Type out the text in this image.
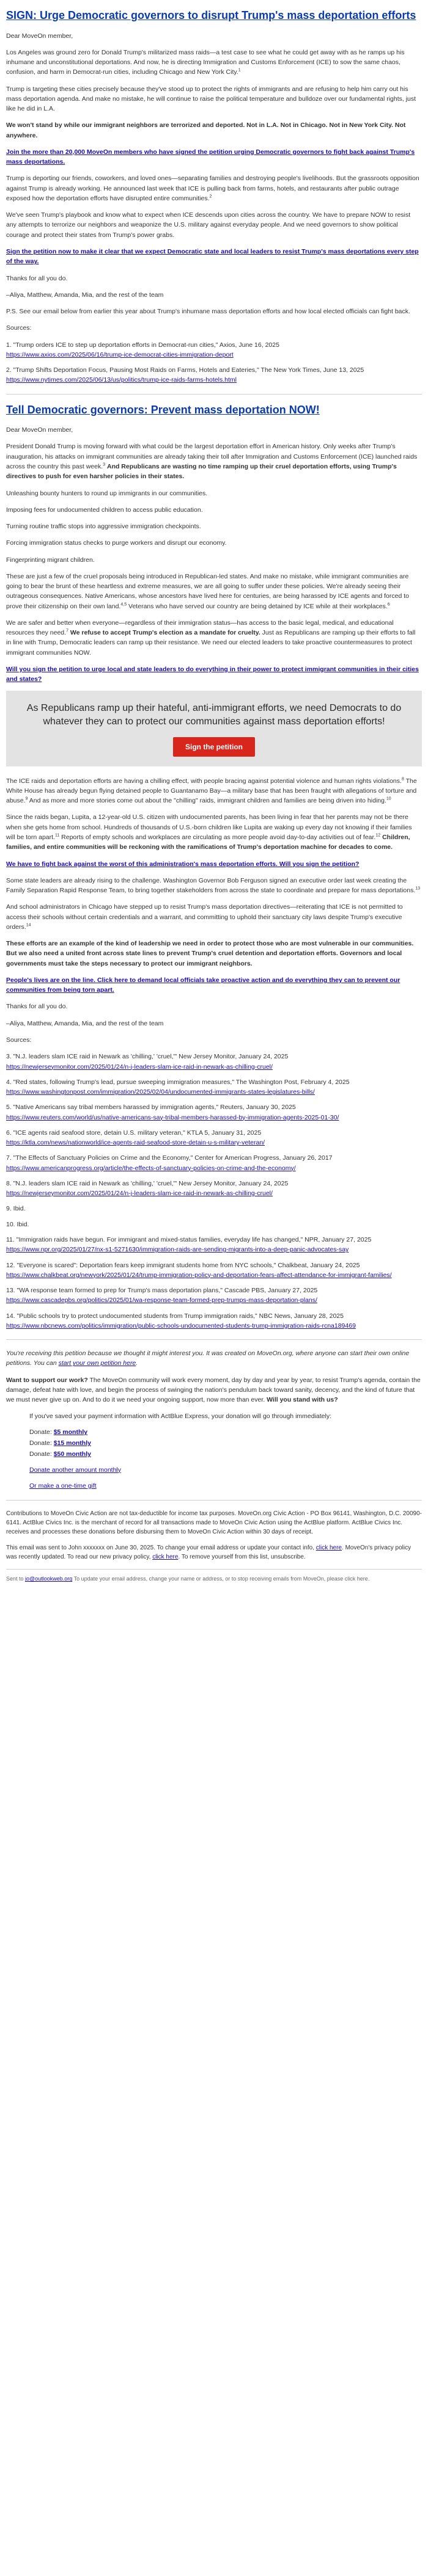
SIGN: Urge Democratic governors to disrupt Trump's mass deportation efforts

Dear MoveOn member,

Los Angeles was ground zero for Donald Trump's militarized mass raids—a test case to see what he could get away with as he ramps up his inhumane and unconstitutional deportations. And now, he is directing Immigration and Customs Enforcement (ICE) to sow the same chaos, confusion, and harm in Democrat-run cities, including Chicago and New York City.$^1$

Trump is targeting these cities precisely because they've stood up to protect the rights of immigrants and are refusing to help him carry out his mass deportation agenda. And make no mistake, he will continue to raise the political temperature and bulldoze over our fundamental rights, just like he did in L.A.

We won't stand by while our immigrant neighbors are terrorized and deported. Not in L.A. Not in Chicago. Not in New York City. Not anywhere.

Join the more than 20,000 MoveOn members who have signed the petition urging Democratic governors to fight back against Trump's mass deportations.

Trump is deporting our friends, coworkers, and loved ones—separating families and destroying people's livelihoods. But the grassroots opposition against Trump is already working. He announced last week that ICE is pulling back from farms, hotels, and restaurants after public outrage exposed how the deportation efforts have disrupted entire communities.$^2$

We've seen Trump's playbook and know what to expect when ICE descends upon cities across the country. We have to prepare NOW to resist any attempts to terrorize our neighbors and weaponize the U.S. military against everyday people. And we need governors to show political courage and protect their states from Trump's power grabs.

Sign the petition now to make it clear that we expect Democratic state and local leaders to resist Trump's mass deportations every step of the way.

Thanks for all you do.

–Aliya, Matthew, Amanda, Mia, and the rest of the team

P.S. See our email below from earlier this year about Trump's inhumane mass deportation efforts and how local elected officials can fight back.

Sources:

1. "Trump orders ICE to step up deportation efforts in Democrat-run cities," Axios, June 16, 2025
https://www.axios.com/2025/06/16/trump-ice-democrat-cities-immigration-deport
2. "Trump Shifts Deportation Focus, Pausing Most Raids on Farms, Hotels and Eateries," The New York Times, June 13, 2025
https://www.nytimes.com/2025/06/13/us/politics/trump-ice-raids-farms-hotels.html
Tell Democratic governors: Prevent mass deportation NOW!

Dear MoveOn member,

President Donald Trump is moving forward with what could be the largest deportation effort in American history. Only weeks after Trump's inauguration, his attacks on immigrant communities are already taking their toll after Immigration and Customs Enforcement (ICE) launched raids across the country this past week.$^3$ And Republicans are wasting no time ramping up their cruel deportation efforts, using Trump's directives to push for even harsher policies in their states.

Unleashing bounty hunters to round up immigrants in our communities.

Imposing fees for undocumented children to access public education.

Turning routine traffic stops into aggressive immigration checkpoints.

Forcing immigration status checks to purge workers and disrupt our economy.

Fingerprinting migrant children.

These are just a few of the cruel proposals being introduced in Republican-led states. And make no mistake, while immigrant communities are going to bear the brunt of these heartless and extreme measures, we are all going to suffer under these policies. We're already seeing their outrageous consequences. Native Americans, whose ancestors have lived here for centuries, are being harassed by ICE agents and forced to prove their citizenship on their own land.$^{4,5}$ Veterans who have served our country are being detained by ICE while at their workplaces.$^6$

We are safer and better when everyone—regardless of their immigration status—has access to the basic legal, medical, and educational resources they need.$^7$ We refuse to accept Trump's election as a mandate for cruelty. Just as Republicans are ramping up their efforts to fall in line with Trump, Democratic leaders can ramp up their resistance. We need our elected leaders to take proactive countermeasures to protect immigrant communities NOW.

Will you sign the petition to urge local and state leaders to do everything in their power to protect immigrant communities in their cities and states?

As Republicans ramp up their hateful, anti-immigrant efforts, we need Democrats to do whatever they can to protect our communities against mass deportation efforts!
Sign the petition

The ICE raids and deportation efforts are having a chilling effect, with people bracing against potential violence and human rights violations.$^8$ The White House has already begun flying detained people to Guantanamo Bay—a military base that has been fraught with allegations of torture and abuse.$^9$ And as more and more stories come out about the "chilling" raids, immigrant children and families are being driven into hiding.$^{10}$

Since the raids began, Lupita, a 12-year-old U.S. citizen with undocumented parents, has been living in fear that her parents may not be there when she gets home from school. Hundreds of thousands of U.S.-born children like Lupita are waking up every day not knowing if their families will be torn apart.$^{11}$ Reports of empty schools and workplaces are circulating as more people avoid day-to-day activities out of fear.$^{12}$ Children, families, and entire communities will be reckoning with the ramifications of Trump's deportation machine for decades to come.

We have to fight back against the worst of this administration's mass deportation efforts. Will you sign the petition?

Some state leaders are already rising to the challenge. Washington Governor Bob Ferguson signed an executive order last week creating the Family Separation Rapid Response Team, to bring together stakeholders from across the state to coordinate and prepare for mass deportations.$^{13}$

And school administrators in Chicago have stepped up to resist Trump's mass deportation directives—reiterating that ICE is not permitted to access their schools without certain credentials and a warrant, and committing to uphold their sanctuary city laws despite Trump's executive orders.$^{14}$

These efforts are an example of the kind of leadership we need in order to protect those who are most vulnerable in our communities. But we also need a united front across state lines to prevent Trump's cruel detention and deportation efforts. Governors and local governments must take the steps necessary to protect our immigrant neighbors.

People's lives are on the line. Click here to demand local officials take proactive action and do everything they can to prevent our communities from being torn apart.

Thanks for all you do.

–Aliya, Matthew, Amanda, Mia, and the rest of the team

Sources:

3. "N.J. leaders slam ICE raid in Newark as 'chilling,' 'cruel,'" New Jersey Monitor, January 24, 2025
https://newjerseymonitor.com/2025/01/24/n-j-leaders-slam-ice-raid-in-newark-as-chilling-cruel/
4. "Red states, following Trump's lead, pursue sweeping immigration measures," The Washington Post, February 4, 2025
https://www.washingtonpost.com/immigration/2025/02/04/undocumented-immigrants-states-legislatures-bills/
5. "Native Americans say tribal members harassed by immigration agents," Reuters, January 30, 2025
https://www.reuters.com/world/us/native-americans-say-tribal-members-harassed-by-immigration-agents-2025-01-30/
6. "ICE agents raid seafood store, detain U.S. military veteran," KTLA 5, January 31, 2025
https://ktla.com/news/nationworld/ice-agents-raid-seafood-store-detain-u-s-military-veteran/
7. "The Effects of Sanctuary Policies on Crime and the Economy," Center for American Progress, January 26, 2017
https://www.americanprogress.org/article/the-effects-of-sanctuary-policies-on-crime-and-the-economy/
8. "N.J. leaders slam ICE raid in Newark as 'chilling,' 'cruel,'" New Jersey Monitor, January 24, 2025
https://newjerseymonitor.com/2025/01/24/n-j-leaders-slam-ice-raid-in-newark-as-chilling-cruel/
9. Ibid.
10. Ibid.
11. "Immigration raids have begun. For immigrant and mixed-status families, everyday life has changed," NPR, January 27, 2025
https://www.npr.org/2025/01/27/nx-s1-5271630/immigration-raids-are-sending-migrants-into-a-deep-panic-advocates-say
12. "Everyone is scared": Deportation fears keep immigrant students home from NYC schools," Chalkbeat, January 24, 2025
https://www.chalkbeat.org/newyork/2025/01/24/trump-immigration-policy-and-deportation-fears-affect-attendance-for-immigrant-families/
13. "WA response team formed to prep for Trump's mass deportation plans," Cascade PBS, January 27, 2025
https://www.cascadepbs.org/politics/2025/01/wa-response-team-formed-prep-trumps-mass-deportation-plans/
14. "Public schools try to protect undocumented students from Trump immigration raids," NBC News, January 28, 2025
https://www.nbcnews.com/politics/immigration/public-schools-undocumented-students-trump-immigration-raids-rcna189469

You're receiving this petition because we thought it might interest you. It was created on MoveOn.org, where anyone can start their own online petitions. You can start your own petition here.

Want to support our work? The MoveOn community will work every moment, day by day and year by year, to resist Trump's agenda, contain the damage, defeat hate with love, and begin the process of swinging the nation's pendulum back toward sanity, decency, and the kind of future that we must never give up on. And to do it we need your ongoing support, now more than ever. Will you stand with us?

If you've saved your payment information with ActBlue Express, your donation will go through immediately:
Donate: $5 monthly
Donate: $15 monthly
Donate: $50 monthly
Donate another amount monthly
Or make a one-time gift

Contributions to MoveOn Civic Action are not tax-deductible for income tax purposes. MoveOn.org Civic Action - PO Box 96141, Washington, D.C. 20090-6141. ActBlue Civics Inc. is the merchant of record for all transactions made to MoveOn Civic Action using the ActBlue platform. ActBlue Civics Inc. receives and processes these donations before disbursing them to MoveOn Civic Action within 30 days of receipt.

This email was sent to John xxxxxxx on June 30, 2025. To change your email address or update your contact info, click here. MoveOn's privacy policy was recently updated. To read our new privacy policy, click here. To remove yourself from this list, unsubscribe.

Sent to jo@outlookweb.org To update your email address, change your name or address, or to stop receiving emails from MoveOn, please click here.
